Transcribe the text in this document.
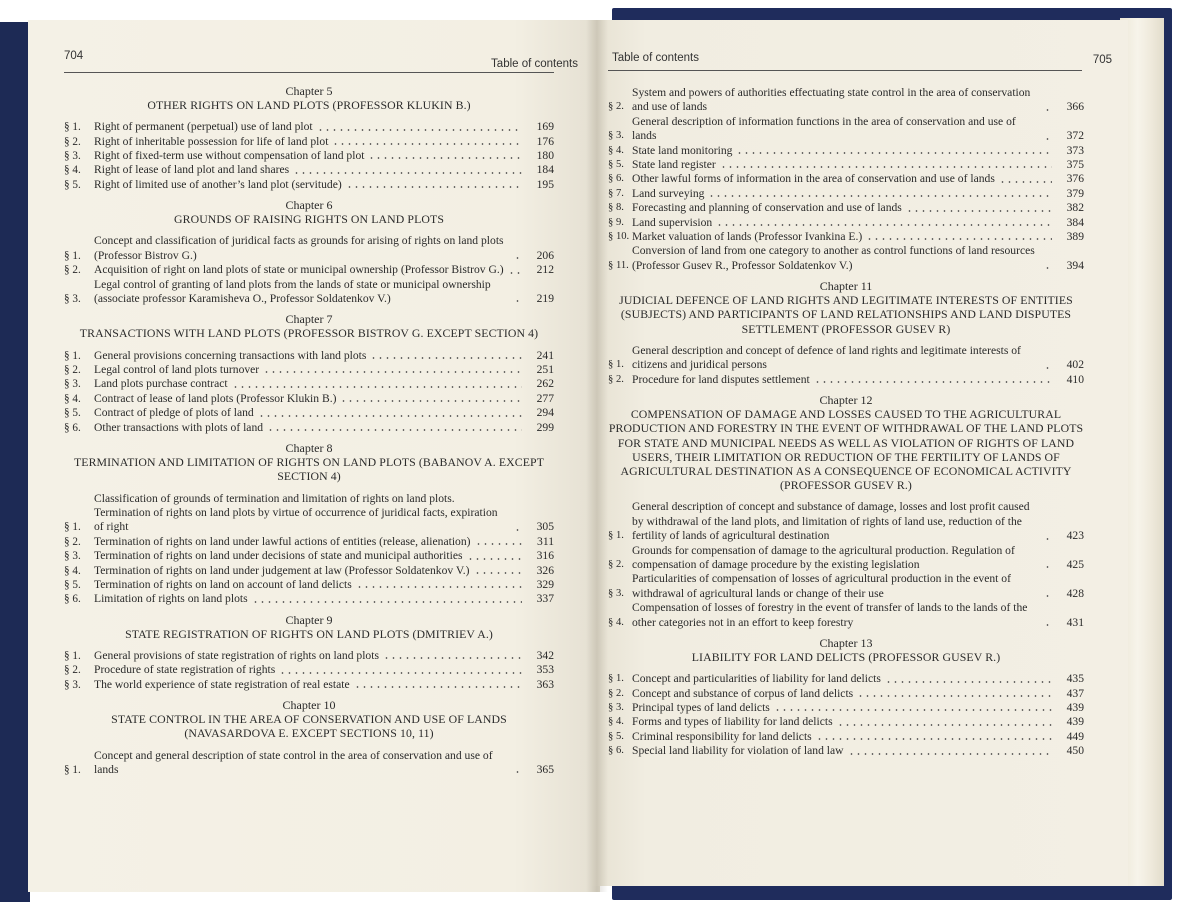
704
Table of contents	Table of contents	705
Chapter 5
OTHER RIGHTS ON LAND PLOTS (PROFESSOR KLUKIN B.)
§ 1.	Right of permanent (perpetual) use of land plot	169
§ 2.	Right of inheritable possession for life of land plot	176
§ 3.	Right of fixed-term use without compensation of land plot	180
§ 4.	Right of lease of land plot and land shares	184
§ 5.	Right of limited use of another’s land plot (servitude)	195
Chapter 6
GROUNDS OF RAISING RIGHTS ON LAND PLOTS
§ 1.
Concept and classification of juridical facts as grounds for arising of rights on land plots (Professor Bistrov G.)	206
§ 2.	Acquisition of right on land plots of state or municipal ownership (Professor Bistrov G.)	212
§ 3.
Legal control of granting of land plots from the lands of state or municipal ownership (associate professor Karamisheva O., Professor Soldatenkov V.)	219
Chapter 7
TRANSACTIONS WITH LAND PLOTS (PROFESSOR BISTROV G. EXCEPT SECTION 4)
§ 1.	General provisions concerning transactions with land plots	241
§ 2.	Legal control of land plots turnover	251
§ 3.	Land plots purchase contract	262
§ 4.	Contract of lease of land plots (Professor Klukin B.)	277
§ 5.	Contract of pledge of plots of land	294
§ 6.	Other transactions with plots of land	299
Chapter 8
TERMINATION AND LIMITATION OF RIGHTS ON LAND PLOTS (BABANOV A. EXCEPT SECTION 4)
§ 1.
Classification of grounds of termination and limitation of rights on land plots. Termination of rights on land plots by virtue of occurrence of juridical facts, expiration of right	305
§ 2.	Termination of rights on land under lawful actions of entities (release, alienation)	311
§ 3.	Termination of rights on land under decisions of state and municipal authorities	316
§ 4.	Termination of rights on land under judgement at law (Professor Soldatenkov V.)	326
§ 5.	Termination of rights on land on account of land delicts	329
§ 6.	Limitation of rights on land plots	337
Chapter 9
STATE REGISTRATION OF RIGHTS ON LAND PLOTS (DMITRIEV A.)
§ 1.	General provisions of state registration of rights on land plots	342
§ 2.	Procedure of state registration of rights	353
§ 3.	The world experience of state registration of real estate	363
Chapter 10
STATE CONTROL IN THE AREA OF CONSERVATION AND USE OF LANDS (NAVASARDOVA E. EXCEPT SECTIONS 10, 11)
§ 1.
Concept and general description of state control in the area of conservation and use of lands	365
§ 2.
System and powers of authorities effectuating state control in the area of conservation and use of lands	366
§ 3.
General description of information functions in the area of conservation and use of lands	372
§ 4. State land monitoring	373
§ 5. State land register	375
§ 6. Other lawful forms of information in the area of conservation and use of lands	376
§ 7. Land surveying	379
§ 8. Forecasting and planning of conservation and use of lands	382
§ 9. Land supervision	384
§ 10. Market valuation of lands (Professor Ivankina E.)	389
§ 11.
Conversion of land from one category to another as control functions of land resources (Professor Gusev R., Professor Soldatenkov V.)	394
Chapter 11
JUDICIAL DEFENCE OF LAND RIGHTS AND LEGITIMATE INTERESTS OF ENTITIES (SUBJECTS) AND PARTICIPANTS OF LAND RELATIONSHIPS AND LAND DISPUTES SETTLEMENT (PROFESSOR GUSEV R)
§ 1.
General description and concept of defence of land rights and legitimate interests of citizens and juridical persons	402
§ 2. Procedure for land disputes settlement	410
Chapter 12
COMPENSATION OF DAMAGE AND LOSSES CAUSED TO THE AGRICULTURAL PRODUCTION AND FORESTRY IN THE EVENT OF WITHDRAWAL OF THE LAND PLOTS FOR STATE AND MUNICIPAL NEEDS AS WELL AS VIOLATION OF RIGHTS OF LAND USERS, THEIR LIMITATION OR REDUCTION OF THE FERTILITY OF LANDS OF AGRICULTURAL DESTINATION AS A CONSEQUENCE OF ECONOMICAL ACTIVITY (PROFESSOR GUSEV R.)
§ 1.
General description of concept and substance of damage, losses and lost profit caused by withdrawal of the land plots, and limitation of rights of land use, reduction of the fertility of lands of agricultural destination	423
§ 2.
Grounds for compensation of damage to the agricultural production. Regulation of compensation of damage procedure by the existing legislation	425
§ 3.
Particularities of compensation of losses of agricultural production in the event of withdrawal of agricultural lands or change of their use	428
§ 4.
Compensation of losses of forestry in the event of transfer of lands to the lands of the other categories not in an effort to keep forestry	431
Chapter 13
LIABILITY FOR LAND DELICTS (PROFESSOR GUSEV R.)
§ 1. Concept and particularities of liability for land delicts	435
§ 2. Concept and substance of corpus of land delicts	437
§ 3. Principal types of land delicts	439
§ 4. Forms and types of liability for land delicts	439
§ 5. Criminal responsibility for land delicts	449
§ 6. Special land liability for violation of land law	450
